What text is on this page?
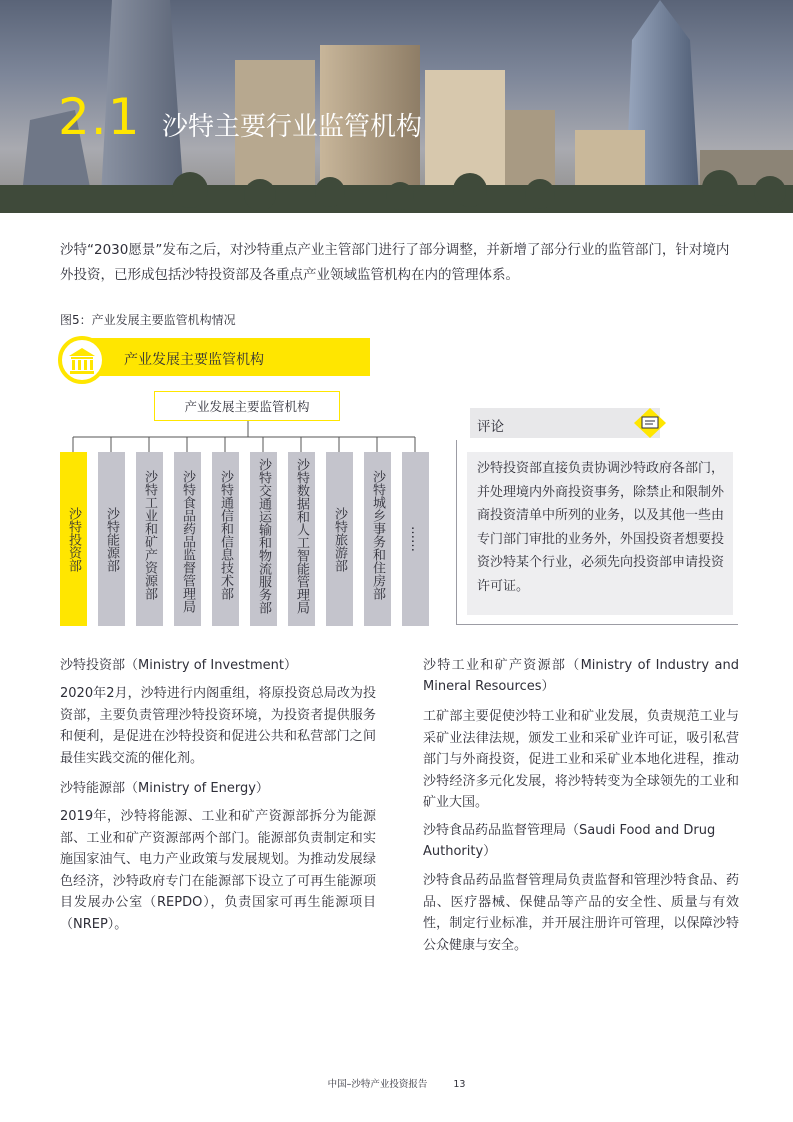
2.1 沙特主要行业监管机构
沙特“2030愿景”发布之后，对沙特重点产业主管部门进行了部分调整，并新增了部分行业的监管部门，针对境内外投资，已形成包括沙特投资部及各重点产业领域监管机构在内的管理体系。
图5：产业发展主要监管机构情况
产业发展主要监管机构
产业发展主要监管机构
沙特投资部	沙特能源部	沙特工业和矿产资源部	沙特食品药品监督管理局	沙特通信和信息技术部	沙特交通运输和物流服务部	沙特数据和人工智能管理局	沙特旅游部	沙特城乡事务和住房部	……
评论
沙特投资部直接负责协调沙特政府各部门，并处理境内外商投资事务，除禁止和限制外商投资清单中所列的业务，以及其他一些由专门部门审批的业务外，外国投资者想要投资沙特某个行业，必须先向投资部申请投资许可证。
沙特投资部（Ministry of Investment）
2020年2月，沙特进行内阁重组，将原投资总局改为投资部，主要负责管理沙特投资环境，为投资者提供服务和便利，是促进在沙特投资和促进公共和私营部门之间最佳实践交流的催化剂。
沙特能源部（Ministry of Energy）
2019年，沙特将能源、工业和矿产资源部拆分为能源部、工业和矿产资源部两个部门。能源部负责制定和实施国家油气、电力产业政策与发展规划。为推动发展绿色经济，沙特政府专门在能源部下设立了可再生能源项目发展办公室（REPDO），负责国家可再生能源项目（NREP）。
沙特工业和矿产资源部（Ministry of Industry and Mineral Resources）
工矿部主要促使沙特工业和矿业发展，负责规范工业与采矿业法律法规，颁发工业和采矿业许可证，吸引私营部门与外商投资，促进工业和采矿业本地化进程，推动沙特经济多元化发展，将沙特转变为全球领先的工业和矿业大国。
沙特食品药品监督管理局（Saudi Food and Drug Authority）
沙特食品药品监督管理局负责监督和管理沙特食品、药品、医疗器械、保健品等产品的安全性、质量与有效性，制定行业标准，并开展注册许可管理，以保障沙特公众健康与安全。
中国–沙特产业投资报告	13
